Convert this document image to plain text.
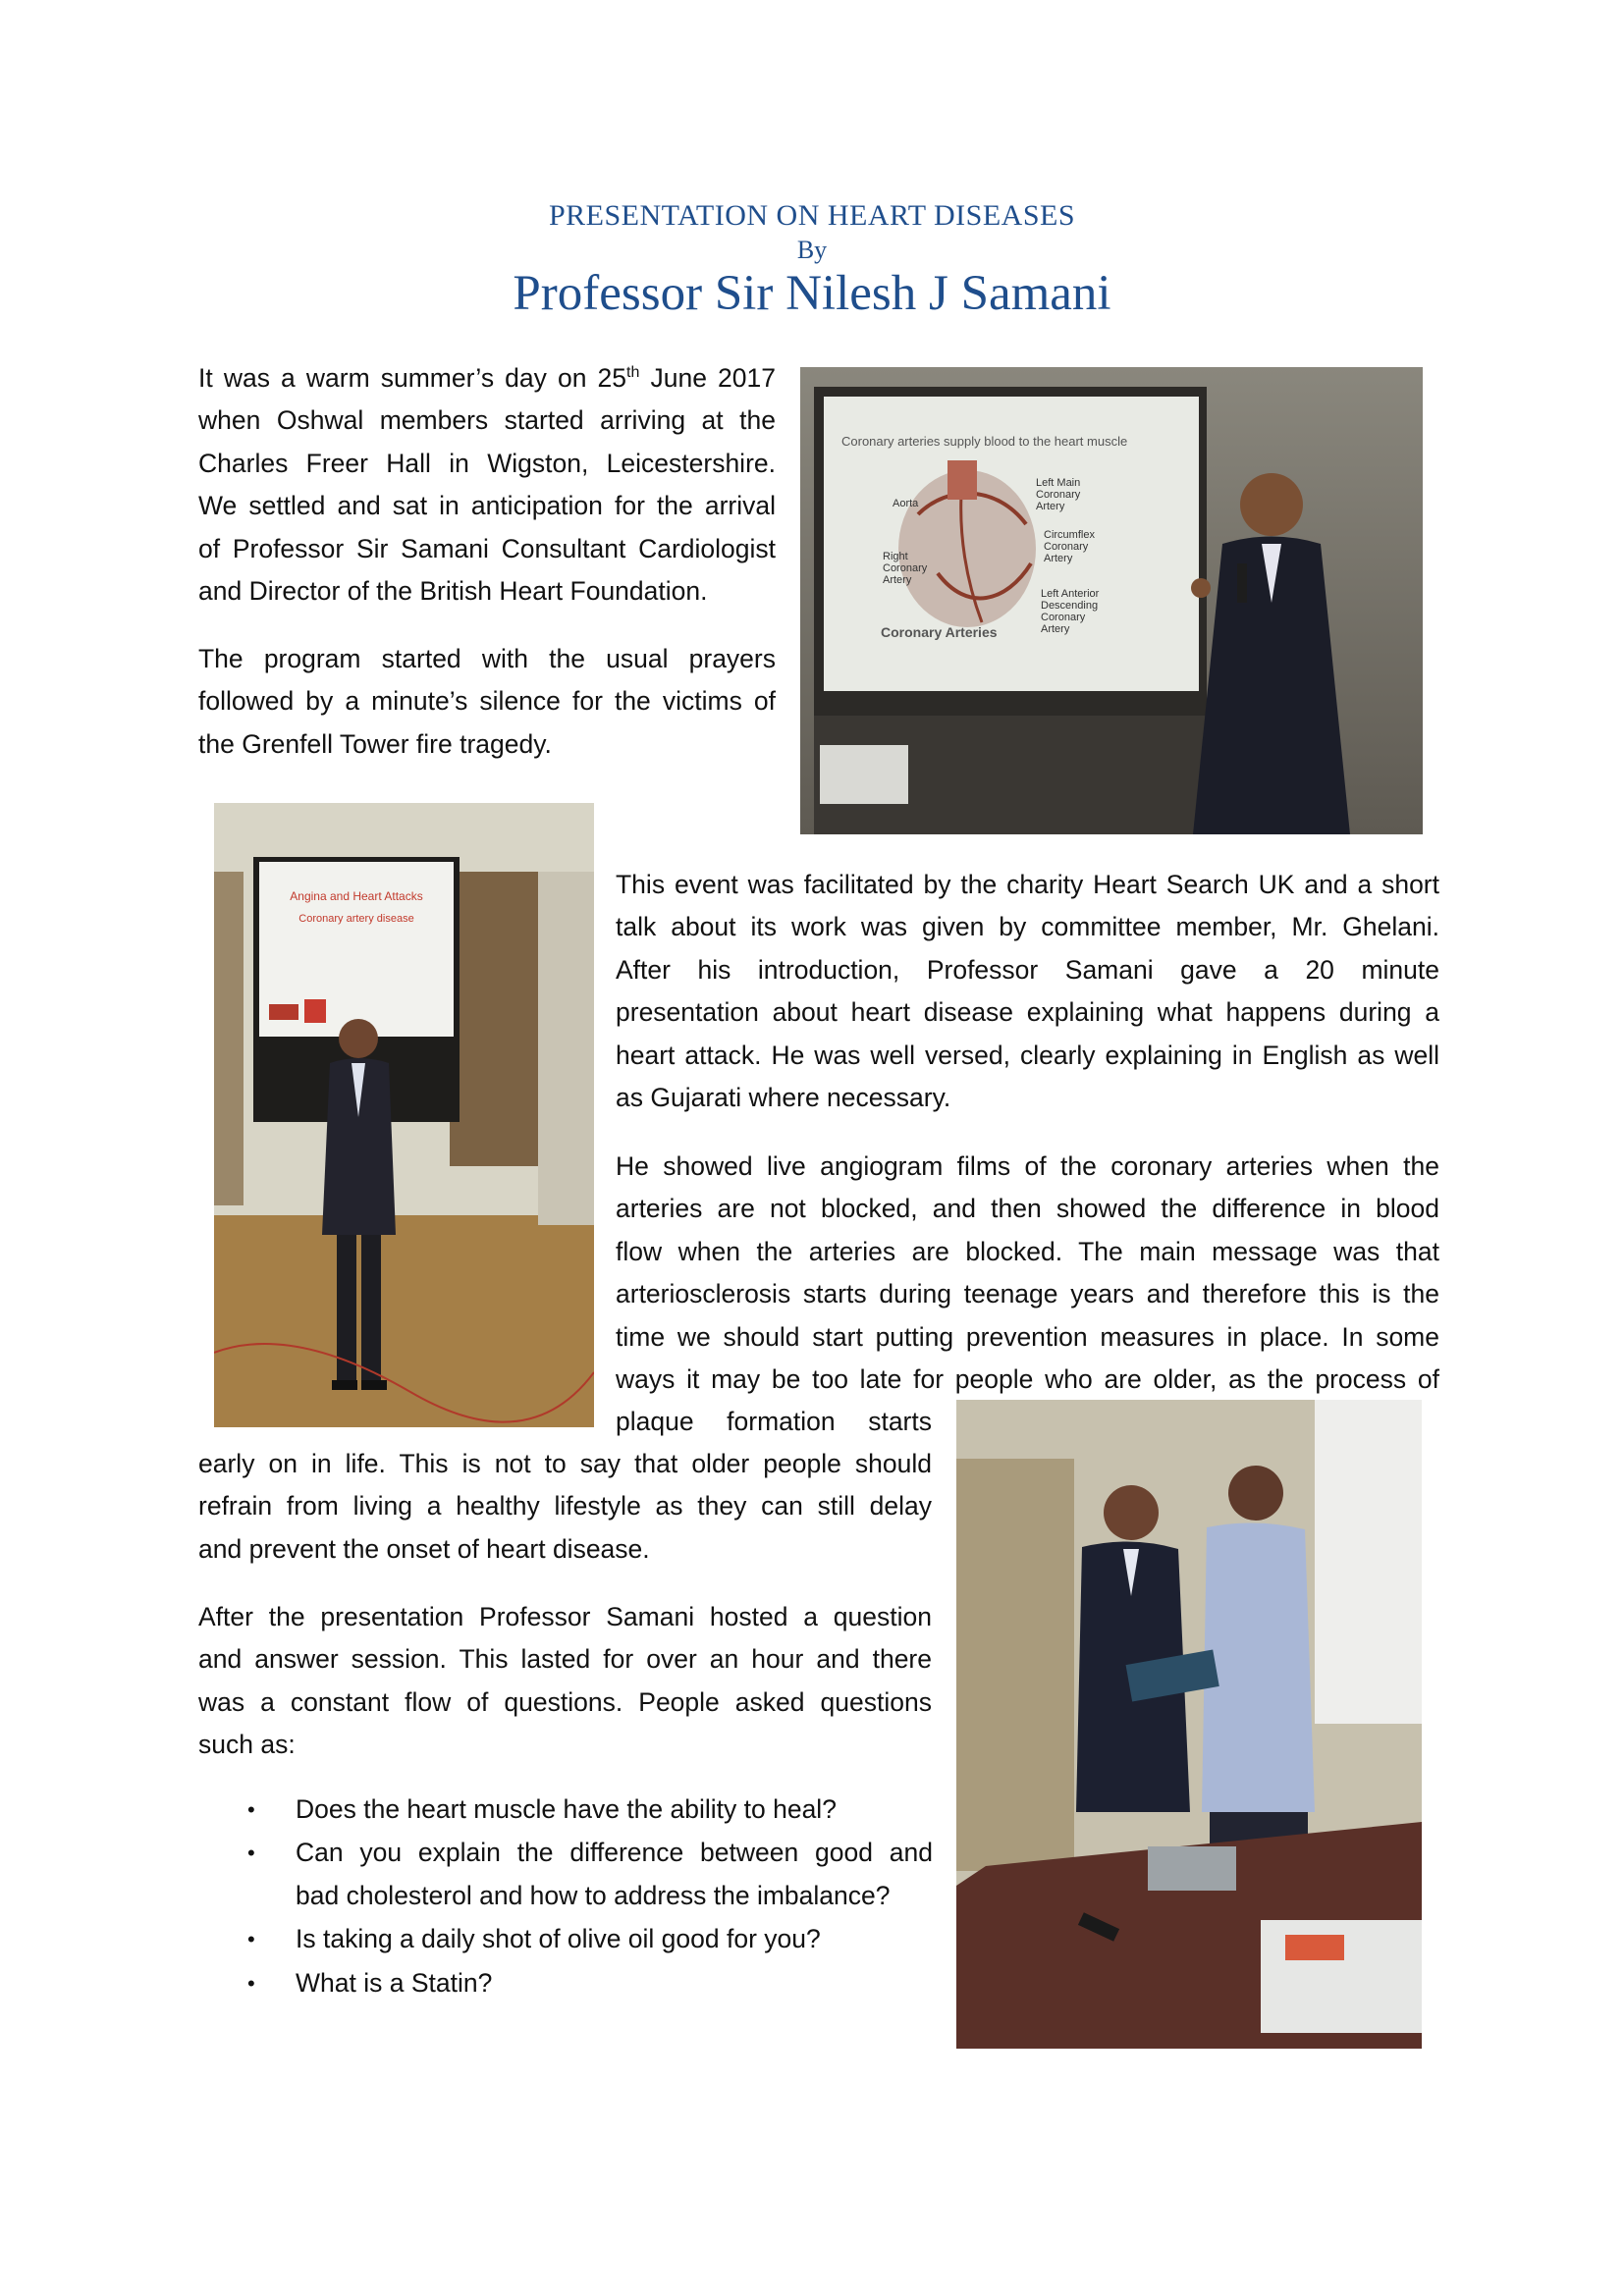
PRESENTATION ON HEART DISEASES
By
Professor Sir Nilesh J Samani
It was a warm summer’s day on 25th June 2017
when Oshwal members started arriving at the
Charles Freer Hall in Wigston, Leicestershire.
We settled and sat in anticipation for the arrival
of Professor Sir Samani Consultant Cardiologist
and Director of the British Heart Foundation.
The program started with the usual prayers
followed by a minute’s silence for the victims of
the Grenfell Tower fire tragedy.
Coronary arteries supply blood to the heart muscle
Aorta
Left Main
Coronary
Artery
Circumflex
Coronary
Artery
Right
Coronary
Artery
Left Anterior
Descending
Coronary
Artery
Coronary Arteries
Angina and Heart Attacks
Coronary artery disease
This event was facilitated by the charity Heart Search UK and a short
talk about its work was given by committee member, Mr. Ghelani.
After his introduction, Professor Samani gave a 20 minute
presentation about heart disease explaining what happens during a
heart attack. He was well versed, clearly explaining in English as well
as Gujarati where necessary.
He showed live angiogram films of the coronary arteries when the
arteries are not blocked, and then showed the difference in blood
flow when the arteries are blocked. The main message was that
arteriosclerosis starts during teenage years and therefore this is the
time we should start putting prevention measures in place. In some
ways it may be too late for people who are older, as the process of
plaque formation starts
early on in life. This is not to say that older people should
refrain from living a healthy lifestyle as they can still delay
and prevent the onset of heart disease.
After the presentation Professor Samani hosted a question
and answer session. This lasted for over an hour and there
was a constant flow of questions. People asked questions
such as:
• Does the heart muscle have the ability to heal?
• Can you explain the difference between good and
bad cholesterol and how to address the imbalance?
• Is taking a daily shot of olive oil good for you?
• What is a Statin?
